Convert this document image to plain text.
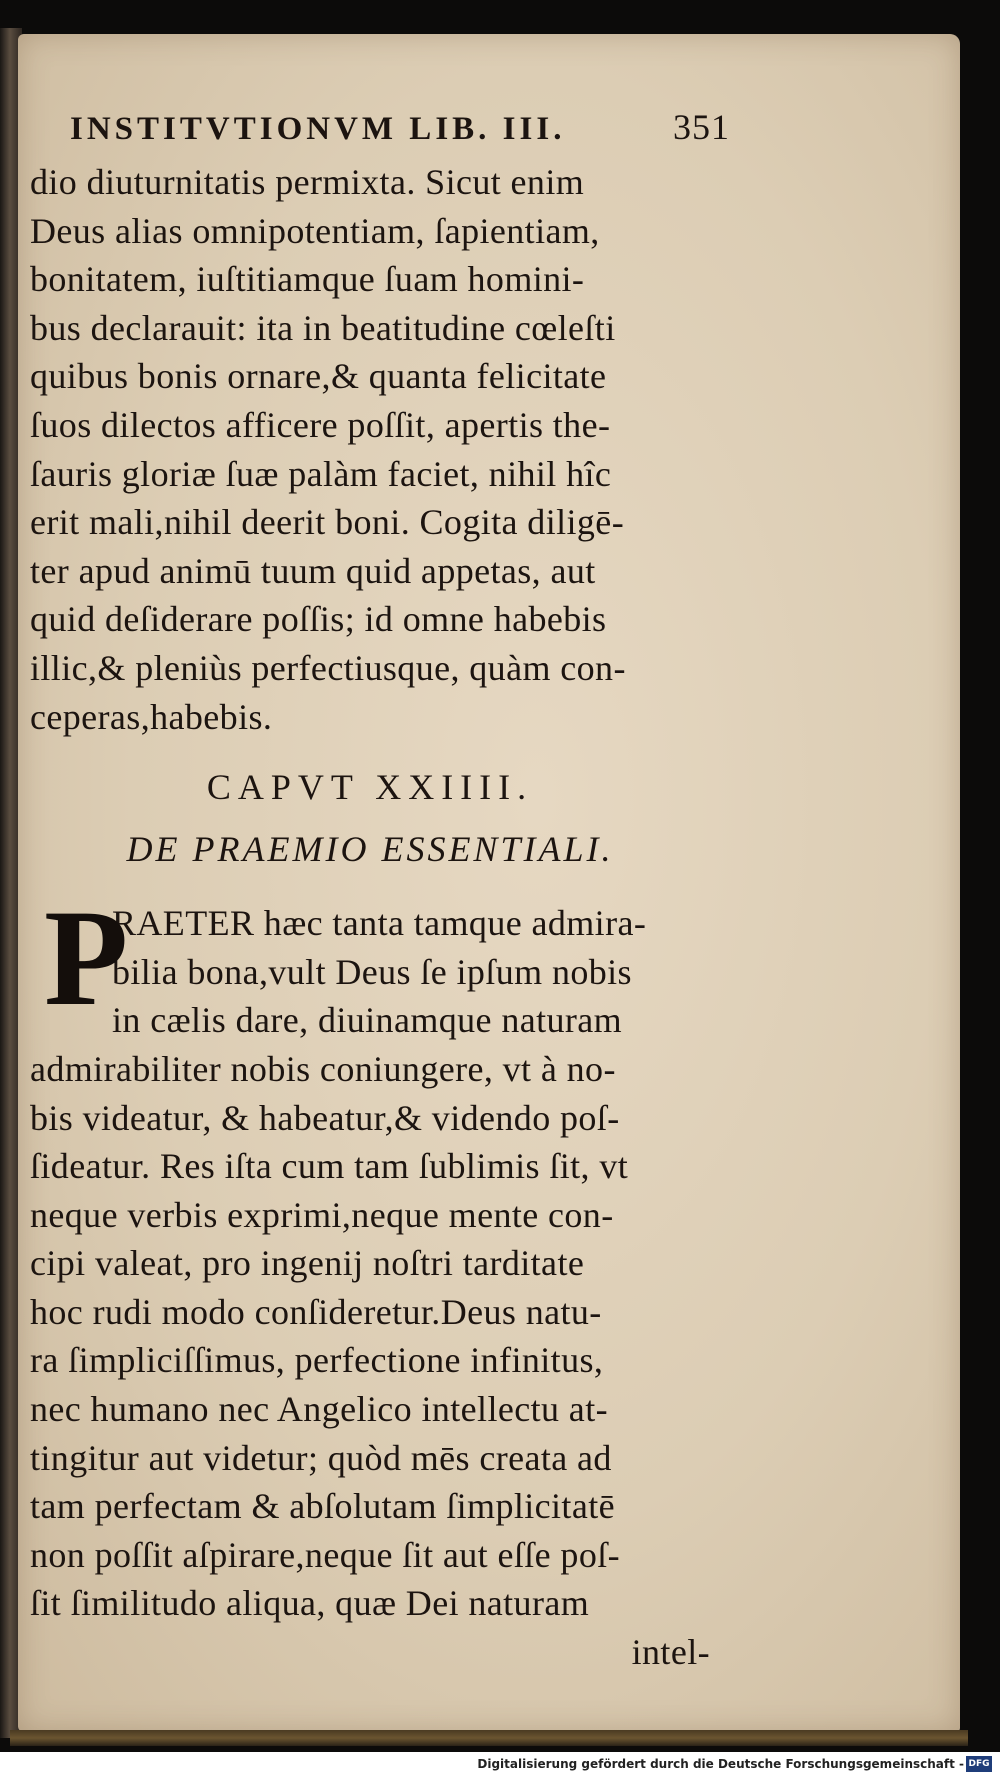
INSTITVTIONVM LIB. III.	351
dio diuturnitatis permixta. Sicut enim
Deus alias omnipotentiam, ſapientiam,
bonitatem, iuſtitiamque ſuam homini-
bus declarauit: ita in beatitudine cœleſti
quibus bonis ornare,& quanta felicitate
ſuos dilectos afficere poſſit, apertis the-
ſauris gloriæ ſuæ palàm faciet, nihil hîc
erit mali,nihil deerit boni. Cogita diligē-
ter apud animū tuum quid appetas, aut
quid deſiderare poſſis; id omne habebis
illic,& pleniùs perfectiusque, quàm con-
ceperas,habebis.
CAPVT XXIIII.
DE PRAEMIO ESSENTIALI.
P
RAETER hæc tanta tamque admira-
bilia bona,vult Deus ſe ipſum nobis
in cælis dare, diuinamque naturam
admirabiliter nobis coniungere, vt à no-
bis videatur, & habeatur,& videndo poſ-
ſideatur. Res iſta cum tam ſublimis ſit, vt
neque verbis exprimi,neque mente con-
cipi valeat, pro ingenij noſtri tarditate
hoc rudi modo conſideretur.Deus natu-
ra ſimpliciſſimus, perfectione infinitus,
nec humano nec Angelico intellectu at-
tingitur aut videtur; quòd mēs creata ad
tam perfectam & abſolutam ſimplicitatē
non poſſit aſpirare,neque ſit aut eſſe poſ-
ſit ſimilitudo aliqua, quæ Dei naturam
intel-
Digitalisierung gefördert durch die Deutsche Forschungsgemeinschaft - DFG
